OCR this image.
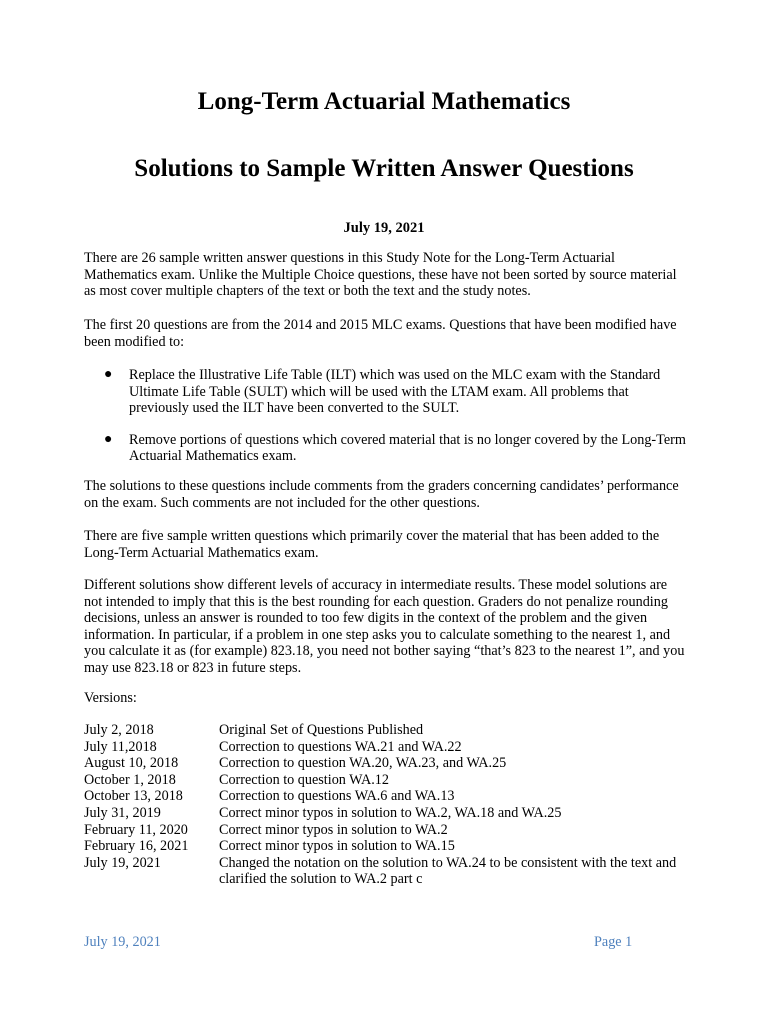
Long-Term Actuarial Mathematics
Solutions to Sample Written Answer Questions

July 19, 2021

There are 26 sample written answer questions in this Study Note for the Long-Term Actuarial Mathematics exam. Unlike the Multiple Choice questions, these have not been sorted by source material as most cover multiple chapters of the text or both the text and the study notes.

The first 20 questions are from the 2014 and 2015 MLC exams. Questions that have been modified have been modified to:

● Replace the Illustrative Life Table (ILT) which was used on the MLC exam with the Standard Ultimate Life Table (SULT) which will be used with the LTAM exam. All problems that previously used the ILT have been converted to the SULT.
● Remove portions of questions which covered material that is no longer covered by the Long-Term Actuarial Mathematics exam.

The solutions to these questions include comments from the graders concerning candidates’ performance on the exam. Such comments are not included for the other questions.

There are five sample written questions which primarily cover the material that has been added to the Long-Term Actuarial Mathematics exam.

Different solutions show different levels of accuracy in intermediate results. These model solutions are not intended to imply that this is the best rounding for each question. Graders do not penalize rounding decisions, unless an answer is rounded to too few digits in the context of the problem and the given information. In particular, if a problem in one step asks you to calculate something to the nearest 1, and you calculate it as (for example) 823.18, you need not bother saying “that’s 823 to the nearest 1”, and you may use 823.18 or 823 in future steps.

Versions:

July 2, 2018	Original Set of Questions Published
July 11,2018	Correction to questions WA.21 and WA.22
August 10, 2018	Correction to question WA.20, WA.23, and WA.25
October 1, 2018	Correction to question WA.12
October 13, 2018	Correction to questions WA.6 and WA.13
July 31, 2019	Correct minor typos in solution to WA.2, WA.18 and WA.25
February 11, 2020	Correct minor typos in solution to WA.2
February 16, 2021	Correct minor typos in solution to WA.15
July 19, 2021	Changed the notation on the solution to WA.24 to be consistent with the text and clarified the solution to WA.2 part c
July 19, 2021	Page 1
